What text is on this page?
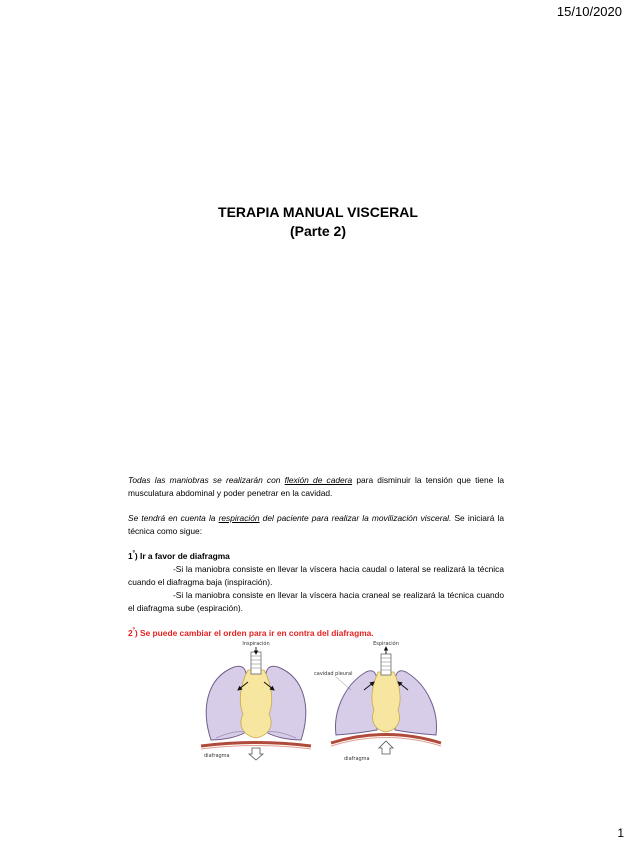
15/10/2020
TERAPIA MANUAL VISCERAL
(Parte 2)

Todas las maniobras se realizarán con flexión de cadera para disminuir la tensión que tiene la musculatura abdominal y poder penetrar en la cavidad.

Se tendrá en cuenta la respiración del paciente para realizar la movilización visceral. Se iniciará la técnica como sigue:

$1^º$) Ir a favor de diafragma

-Si la maniobra consiste en llevar la víscera hacia caudal o lateral se realizará la técnica cuando el diafragma baja (inspiración).

-Si la maniobra consiste en llevar la víscera hacia craneal se realizará la técnica cuando el diafragma sube (espiración).

$2^º$) Se puede cambiar el orden para ir en contra del diafragma.

Inspiración
diafragma
Espiración
cavidad pleural
diafragma
1
